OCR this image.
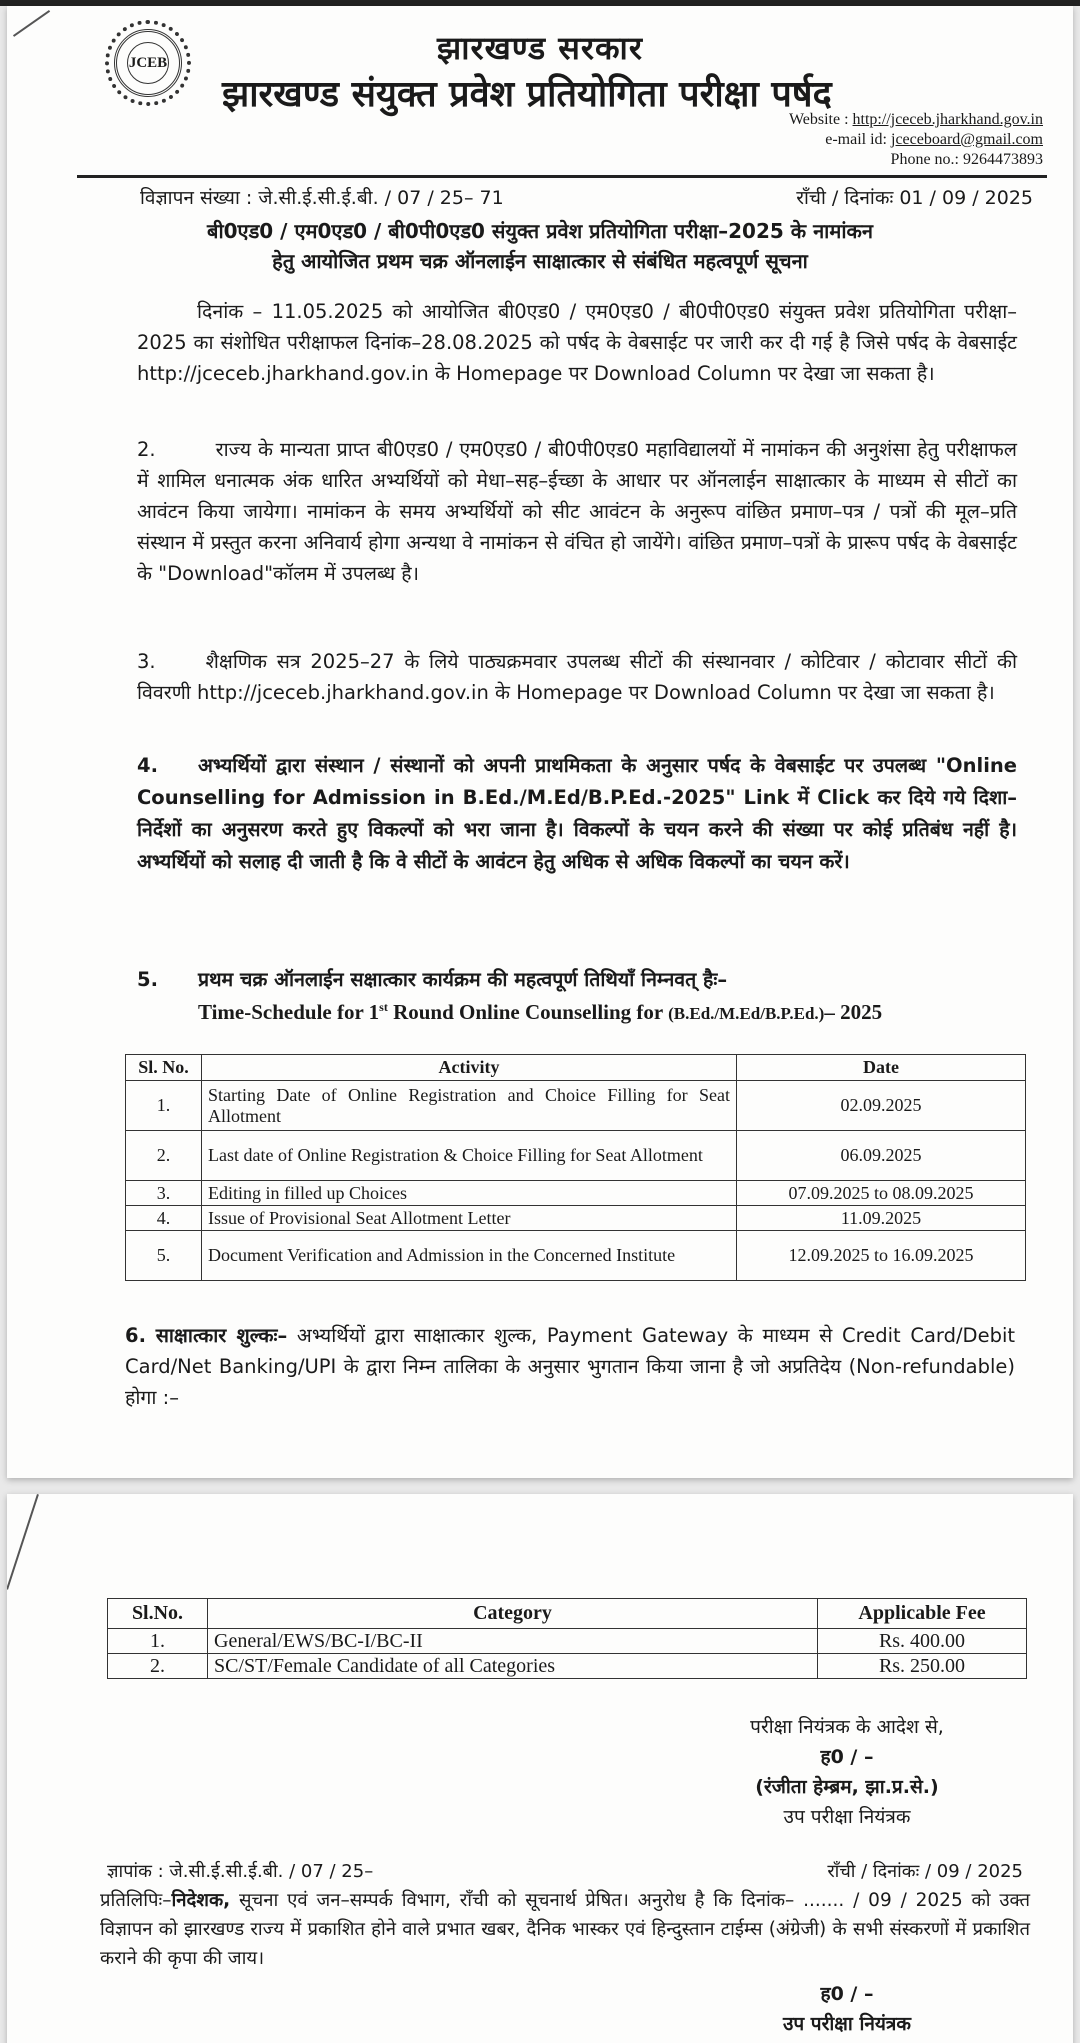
JCEB	झारखण्ड सरकार
झारखण्ड संयुक्त प्रवेश प्रतियोगिता परीक्षा पर्षद
Website : http://jceceb.jharkhand.gov.in
e-mail id: jceceboard@gmail.com
Phone no.: 9264473893
विज्ञापन संख्या : जे.सी.ई.सी.ई.बी. / 07 / 25– 71	राँची / दिनांकः 01 / 09 / 2025
बी0एड0 / एम0एड0 / बी0पी0एड0 संयुक्त प्रवेश प्रतियोगिता परीक्षा–2025 के नामांकन
हेतु आयोजित प्रथम चक्र ऑनलाईन साक्षात्कार से संबंधित महत्वपूर्ण सूचना
दिनांक – 11.05.2025 को आयोजित बी0एड0 / एम0एड0 / बी0पी0एड0 संयुक्त प्रवेश प्रतियोगिता परीक्षा–2025 का संशोधित परीक्षाफल दिनांक–28.08.2025 को पर्षद के वेबसाईट पर जारी कर दी गई है जिसे पर्षद के वेबसाईट http://jceceb.jharkhand.gov.in के Homepage पर Download Column पर देखा जा सकता है।
2.	राज्य के मान्यता प्राप्त बी0एड0 / एम0एड0 / बी0पी0एड0 महाविद्यालयों में नामांकन की अनुशंसा हेतु परीक्षाफल में शामिल धनात्मक अंक धारित अभ्यर्थियों को मेधा–सह–ईच्छा के आधार पर ऑनलाईन साक्षात्कार के माध्यम से सीटों का आवंटन किया जायेगा। नामांकन के समय अभ्यर्थियों को सीट आवंटन के अनुरूप वांछित प्रमाण–पत्र / पत्रों की मूल–प्रति संस्थान में प्रस्तुत करना अनिवार्य होगा अन्यथा वे नामांकन से वंचित हो जायेंगे। वांछित प्रमाण–पत्रों के प्रारूप पर्षद के वेबसाईट के "Download"कॉलम में उपलब्ध है।
3.	शैक्षणिक सत्र 2025–27 के लिये पाठ्यक्रमवार उपलब्ध सीटों की संस्थानवार / कोटिवार / कोटावार सीटों की विवरणी http://jceceb.jharkhand.gov.in के Homepage पर Download Column पर देखा जा सकता है।
4. अभ्यर्थियों द्वारा संस्थान / संस्थानों को अपनी प्राथमिकता के अनुसार पर्षद के वेबसाईट पर उपलब्ध "Online Counselling for Admission in B.Ed./M.Ed/B.P.Ed.-2025" Link में Click कर दिये गये दिशा–निर्देशों का अनुसरण करते हुए विकल्पों को भरा जाना है। विकल्पों के चयन करने की संख्या पर कोई प्रतिबंध नहीं है। अभ्यर्थियों को सलाह दी जाती है कि वे सीटों के आवंटन हेतु अधिक से अधिक विकल्पों का चयन करें।
5. प्रथम चक्र ऑनलाईन सक्षात्कार कार्यक्रम की महत्वपूर्ण तिथियाँ निम्नवत् हैः–
Time-Schedule for 1st Round Online Counselling for (B.Ed./M.Ed/B.P.Ed.)– 2025
Sl. No.	Activity	Date
1.	Starting Date of Online Registration and Choice Filling for Seat Allotment	02.09.2025
2.	Last date of Online Registration & Choice Filling for Seat Allotment	06.09.2025
3.	Editing in filled up Choices	07.09.2025 to 08.09.2025
4.	Issue of Provisional Seat Allotment Letter	11.09.2025
5.	Document Verification and Admission in the Concerned Institute	12.09.2025 to 16.09.2025
6. साक्षात्कार शुल्कः– अभ्यर्थियों द्वारा साक्षात्कार शुल्क, Payment Gateway के माध्यम से Credit Card/Debit Card/Net Banking/UPI के द्वारा निम्न तालिका के अनुसार भुगतान किया जाना है जो अप्रतिदेय (Non-refundable) होगा :–
Sl.No.	Category	Applicable Fee
1.	General/EWS/BC-I/BC-II	Rs. 400.00
2.	SC/ST/Female Candidate of all Categories	Rs. 250.00
परीक्षा नियंत्रक के आदेश से,
ह0 / –
(रंजीता हेम्ब्रम, झा.प्र.से.)
उप परीक्षा नियंत्रक
ज्ञापांक : जे.सी.ई.सी.ई.बी. / 07 / 25–	राँची / दिनांकः / 09 / 2025
प्रतिलिपिः–निदेशक, सूचना एवं जन–सम्पर्क विभाग, राँची को सूचनार्थ प्रेषित। अनुरोध है कि दिनांक– ....... / 09 / 2025 को उक्त विज्ञापन को झारखण्ड राज्य में प्रकाशित होने वाले प्रभात खबर, दैनिक भास्कर एवं हिन्दुस्तान टाईम्स (अंग्रेजी) के सभी संस्करणों में प्रकाशित कराने की कृपा की जाय।
ह0 / –
उप परीक्षा नियंत्रक
